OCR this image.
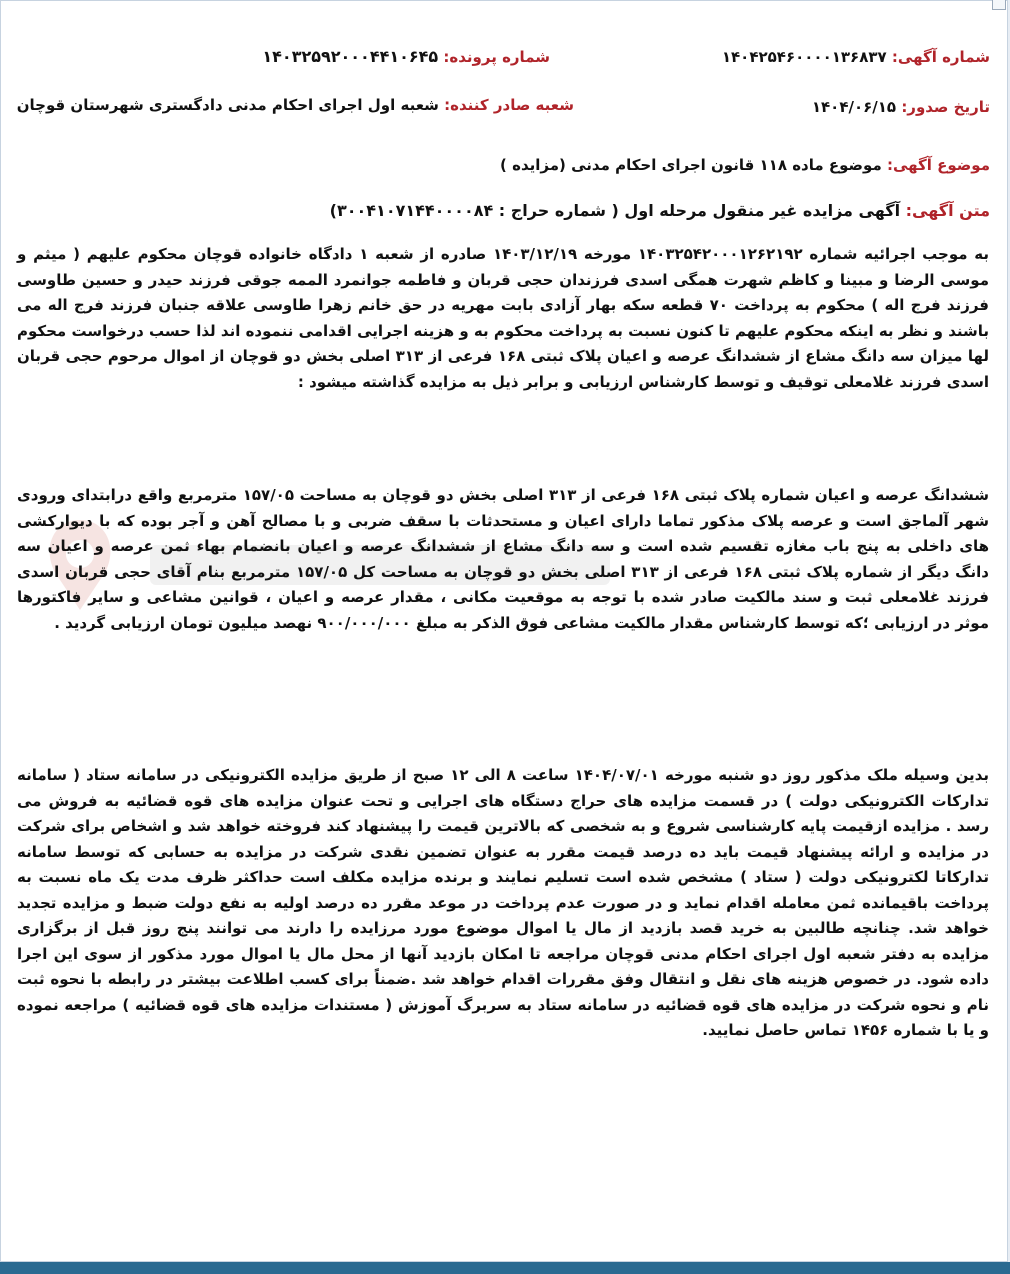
شماره آگهی: ۱۴۰۴۲۵۴۶۰۰۰۰۱۳۶۸۳۷
شماره پرونده: ۱۴۰۳۲۵۹۲۰۰۰۴۴۱۰۶۴۵
تاریخ صدور: ۱۴۰۴/۰۶/۱۵
شعبه صادر کننده: شعبه اول اجرای احکام مدنی دادگستری شهرستان قوچان
موضوع آگهی: موضوع ماده ۱۱۸ قانون اجرای احکام مدنی (مزایده )
متن آگهی: آگهی مزایده غیر منقول مرحله اول ( شماره حراج : ۳۰۰۴۱۰۷۱۴۴۰۰۰۰۸۴)
به موجب اجرائیه شماره ۱۴۰۳۲۵۴۲۰۰۰۱۲۶۲۱۹۲ مورخه ۱۴۰۳/۱۲/۱۹ صادره از شعبه ۱ دادگاه خانواده قوچان محکوم علیهم ( میثم و موسی الرضا و مبینا و کاظم شهرت همگی اسدی فرزندان حجی قربان و فاطمه جوانمرد الممه جوقی فرزند حیدر و حسین طاوسی فرزند فرج اله ) محکوم به پرداخت ۷۰ قطعه سکه بهار آزادی بابت مهریه در حق خانم زهرا طاوسی علاقه جنبان فرزند فرج اله می باشند و نظر به اینکه محکوم علیهم تا کنون نسبت به پرداخت محکوم به و هزینه اجرایی اقدامی ننموده اند لذا حسب درخواست محکوم لها میزان سه دانگ مشاع از ششدانگ عرصه و اعیان پلاک ثبتی ۱۶۸ فرعی از ۳۱۳ اصلی بخش دو قوچان از اموال مرحوم حجی قربان اسدی فرزند غلامعلی توقیف و توسط کارشناس ارزیابی و برابر ذیل به مزایده گذاشته میشود :
ششدانگ عرصه و اعیان شماره پلاک ثبتی ۱۶۸ فرعی از ۳۱۳ اصلی بخش دو قوچان به مساحت ۱۵۷/۰۵ مترمربع واقع درابتدای ورودی شهر آلماجق است و عرصه پلاک مذکور تماما دارای اعیان و مستحدثات با سقف ضربی و با مصالح آهن و آجر بوده که با دیوارکشی های داخلی به پنج باب مغازه تقسیم شده است و سه دانگ مشاع از ششدانگ عرصه و اعیان بانضمام بهاء ثمن عرصه و اعیان سه دانگ دیگر از شماره پلاک ثبتی ۱۶۸ فرعی از ۳۱۳ اصلی بخش دو قوچان به مساحت کل ۱۵۷/۰۵ مترمربع بنام آقای حجی قربان اسدی فرزند غلامعلی ثبت و سند مالکیت صادر شده با توجه به موقعیت مکانی ، مقدار عرصه و اعیان ، قوانین مشاعی و سایر فاکتورها موثر در ارزیابی ؛که توسط کارشناس مقدار مالکیت مشاعی فوق الذکر به مبلغ ۹۰۰/۰۰۰/۰۰۰ نهصد میلیون تومان ارزیابی گردید .
بدین وسیله ملک مذکور روز دو شنبه مورخه ۱۴۰۴/۰۷/۰۱ ساعت ۸ الی ۱۲ صبح از طریق مزایده الکترونیکی در سامانه ستاد ( سامانه تدارکات الکترونیکی دولت ) در قسمت مزایده های حراج دستگاه های اجرایی و تحت عنوان مزایده های قوه قضائیه به فروش می رسد . مزایده ازقیمت پایه کارشناسی شروع و به شخصی که بالاترین قیمت را پیشنهاد کند فروخته خواهد شد و اشخاص برای شرکت در مزایده و ارائه پیشنهاد قیمت باید ده درصد قیمت مقرر به عنوان تضمین نقدی شرکت در مزایده به حسابی که توسط سامانه تدارکاتا لکترونیکی دولت ( ستاد ) مشخص شده است تسلیم نمایند و برنده مزایده مکلف است حداکثر ظرف مدت یک ماه نسبت به پرداخت باقیمانده ثمن معامله اقدام نماید و در صورت عدم پرداخت در موعد مقرر ده درصد اولیه به نفع دولت ضبط و مزایده تجدید خواهد شد. چنانچه طالبین به خرید قصد بازدید از مال یا اموال موضوع مورد مرزایده را دارند می توانند پنج روز قبل از برگزاری مزایده به دفتر شعبه اول اجرای احکام مدنی قوچان مراجعه تا امکان بازدید آنها از محل مال یا اموال مورد مذکور از سوی این اجرا داده شود. در خصوص هزینه های نقل و انتقال وفق مقررات اقدام خواهد شد .ضمناً برای کسب اطلاعت بیشتر در رابطه با نحوه ثبت نام و نحوه شرکت در مزایده های قوه قضائیه در سامانه ستاد به سربرگ آموزش ( مستندات مزایده های قوه قضائیه ) مراجعه نموده و یا با شماره ۱۴۵۶ تماس حاصل نمایید.
